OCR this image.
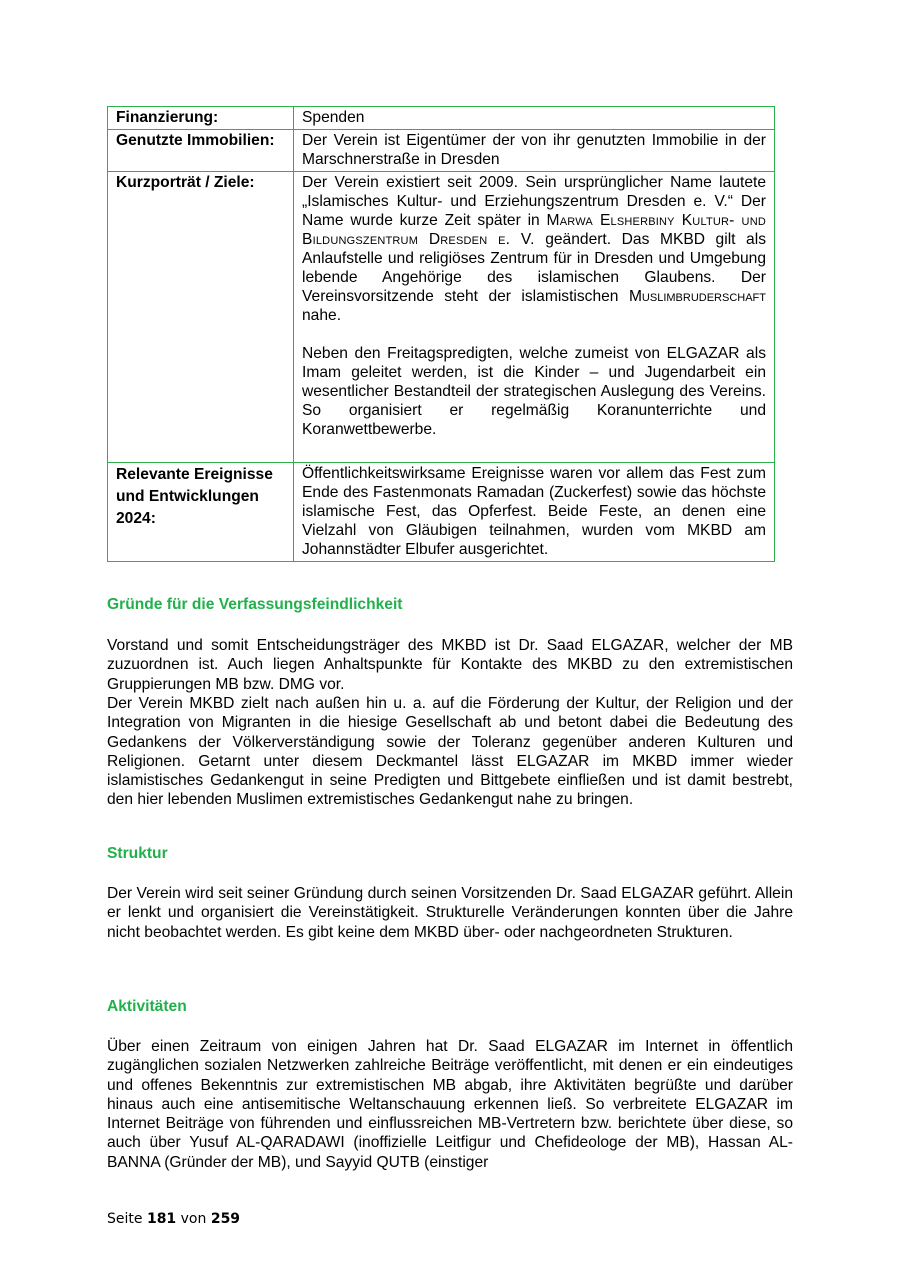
Finanzierung:	Spenden
Genutzte Immobilien:	Der Verein ist Eigentümer der von ihr genutzten Immobilie in der Marschnerstraße in Dresden
Kurzporträt / Ziele:	Der Verein existiert seit 2009. Sein ursprünglicher Name lautete „Islamisches Kultur- und Erziehungszentrum Dresden e. V.“ Der Name wurde kurze Zeit später in Marwa Elsherbiny Kultur- und Bildungszentrum Dresden e. V. geändert. Das MKBD gilt als Anlaufstelle und religiöses Zentrum für in Dresden und Umgebung lebende Angehörige des islamischen Glaubens. Der Vereinsvorsitzende steht der islamistischen Muslimbruderschaft nahe.

Neben den Freitagspredigten, welche zumeist von ELGAZAR als Imam geleitet werden, ist die Kinder – und Jugendarbeit ein wesentlicher Bestandteil der strategischen Auslegung des Vereins. So organisiert er regelmäßig Koranunterrichte und Koranwettbewerbe.

Relevante Ereignisse und Entwicklungen 2024:	Öffentlichkeitswirksame Ereignisse waren vor allem das Fest zum Ende des Fastenmonats Ramadan (Zuckerfest) sowie das höchste islamische Fest, das Opferfest. Beide Feste, an denen eine Vielzahl von Gläubigen teilnahmen, wurden vom MKBD am Johannstädter Elbufer ausgerichtet.
Gründe für die Verfassungsfeindlichkeit

Vorstand und somit Entscheidungsträger des MKBD ist Dr. Saad ELGAZAR, welcher der MB zuzuordnen ist. Auch liegen Anhaltspunkte für Kontakte des MKBD zu den extremistischen Gruppierungen MB bzw. DMG vor.

Der Verein MKBD zielt nach außen hin u. a. auf die Förderung der Kultur, der Religion und der Integration von Migranten in die hiesige Gesellschaft ab und betont dabei die Bedeutung des Gedankens der Völkerverständigung sowie der Toleranz gegenüber anderen Kulturen und Religionen. Getarnt unter diesem Deckmantel lässt ELGAZAR im MKBD immer wieder islamistisches Gedankengut in seine Predigten und Bittgebete einfließen und ist damit bestrebt, den hier lebenden Muslimen extremistisches Gedankengut nahe zu bringen.

Struktur

Der Verein wird seit seiner Gründung durch seinen Vorsitzenden Dr. Saad ELGAZAR geführt. Allein er lenkt und organisiert die Vereinstätigkeit. Strukturelle Veränderungen konnten über die Jahre nicht beobachtet werden. Es gibt keine dem MKBD über- oder nachgeordneten Strukturen.

Aktivitäten

Über einen Zeitraum von einigen Jahren hat Dr. Saad ELGAZAR im Internet in öffentlich zugänglichen sozialen Netzwerken zahlreiche Beiträge veröffentlicht, mit denen er ein eindeutiges und offenes Bekenntnis zur extremistischen MB abgab, ihre Aktivitäten begrüßte und darüber hinaus auch eine antisemitische Weltanschauung erkennen ließ. So verbreitete ELGAZAR im Internet Beiträge von führenden und einflussreichen MB-Vertretern bzw. berichtete über diese, so auch über Yusuf AL-QARADAWI (inoffizielle Leitfigur und Chefideologe der MB), Hassan AL-BANNA (Gründer der MB), und Sayyid QUTB (einstiger

Seite 181 von 259
